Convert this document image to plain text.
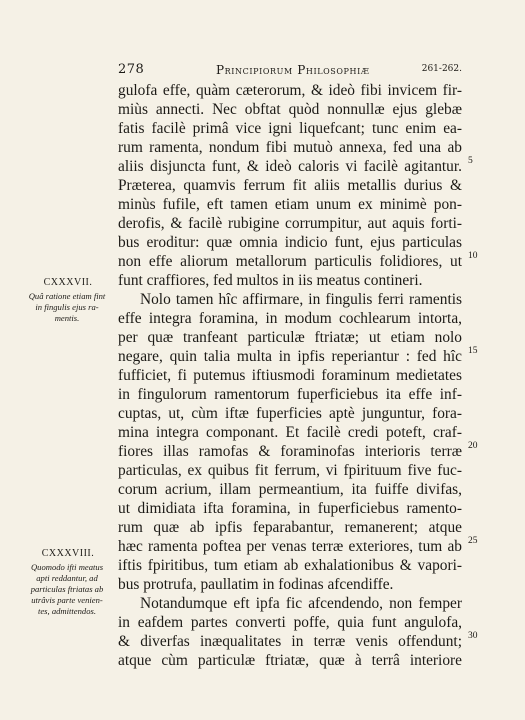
278	Principiorum Philosophiæ	261-262.
gulofa effe, quàm cæterorum, & ideò fibi invicem fir-
miùs annecti. Nec obftat quòd nonnullæ ejus glebæ
fatis facilè primâ vice igni liquefcant; tunc enim ea-
rum ramenta, nondum fibi mutuò annexa, fed una ab
aliis disjuncta funt, & ideò caloris vi facilè agitantur.
Præterea, quamvis ferrum fit aliis metallis durius &
minùs fufile, eft tamen etiam unum ex minimè pon-
derofis, & facilè rubigine corrumpitur, aut aquis forti-
bus eroditur: quæ omnia indicio funt, ejus particulas
non effe aliorum metallorum particulis folidiores, ut
funt craffiores, fed multos in iis meatus contineri.
Nolo tamen hîc affirmare, in fingulis ferri ramentis
effe integra foramina, in modum cochlearum intorta,
per quæ tranfeant particulæ ftriatæ; ut etiam nolo
negare, quin talia multa in ipfis reperiantur : fed hîc
fufficiet, fi putemus iftiusmodi foraminum medietates
in fingulorum ramentorum fuperficiebus ita effe inf-
cuptas, ut, cùm iftæ fuperficies aptè junguntur, fora-
mina integra componant. Et facilè credi poteft, craf-
fiores illas ramofas & foraminofas interioris terræ
particulas, ex quibus fit ferrum, vi fpirituum five fuc-
corum acrium, illam permeantium, ita fuiffe divifas,
ut dimidiata ifta foramina, in fuperficiebus ramento-
rum quæ ab ipfis feparabantur, remanerent; atque
hæc ramenta poftea per venas terræ exteriores, tum ab
iftis fpiritibus, tum etiam ab exhalationibus & vapori-
bus protrufa, paullatim in fodinas afcendiffe.
Notandumque eft ipfa fic afcendendo, non femper
in eafdem partes converti poffe, quia funt angulofa,
& diverfas inæqualitates in terræ venis offendunt;
atque cùm particulæ ftriatæ, quæ à terrâ interiore
5
10
15
20
25
30
CXXXVII.
Quâ ratione etiam fint
in fingulis ejus ra-
mentis.
CXXXVIII.
Quomodo ifti meatus
apti reddantur, ad
particulas ftriatas ab
utrâvis parte venien-
tes, admittendos.
